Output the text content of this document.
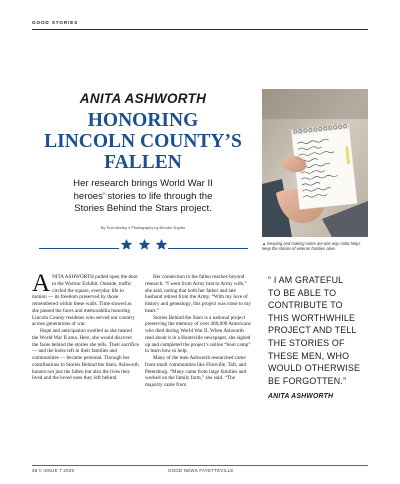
GOOD STORIES
ANITA ASHWORTH
HONORING
LINCOLN COUNTY’S
FALLEN
Her research brings World War II
heroes’ stories to life through the
Stories Behind the Stars project.
By Tina Neeley // Photography by Brooke Snyder
▲ Keeping and making notes are one way Anita helps keep the stories of veteran families alive.

ANITA ASHWORTH pulled open the door to the Warrior Exhibit. Outside, traffic circled the square, everyday life in motion — its freedom preserved by those remembered within these walls. Time slowed as she passed the faces and memorabilia honoring Lincoln County residents who served our country across generations of war.

Hope and anticipation swelled as she neared the World War II area. Here, she would discover the faces behind the stories she tells. Their sacrifice — and the holes left in their families and communities — became personal. Through her contributions to Stories Behind the Stars, Ashworth honors not just the fallen but also the lives they lived and the loved ones they left behind.

Her connection to the fallen reaches beyond research. “I went from Army brat to Army wife,” she said, noting that both her father and late husband retired from the Army. “With my love of history and genealogy, this project was close to my heart.”

Stories Behind the Stars is a national project preserving the memory of over 400,000 Americans who died during World War II. When Ashworth read about it in a Huntsville newspaper, she signed up and completed the project’s online “boot camp” to learn how to help.

Many of the men Ashworth researched came from small communities like Flintville, Taft, and Petersburg. “Many came from large families and worked on the family farm,” she said. “The majority came from

“ I AM GRATEFUL
TO BE ABLE TO
CONTRIBUTE TO
THIS WORTHWHILE
PROJECT AND TELL
THE STORIES OF
THESE MEN, WHO
WOULD OTHERWISE
BE FORGOTTEN.”
ANITA ASHWORTH
38 // ISSUE 7 2025	GOOD NEWS FAYETTEVILLE
